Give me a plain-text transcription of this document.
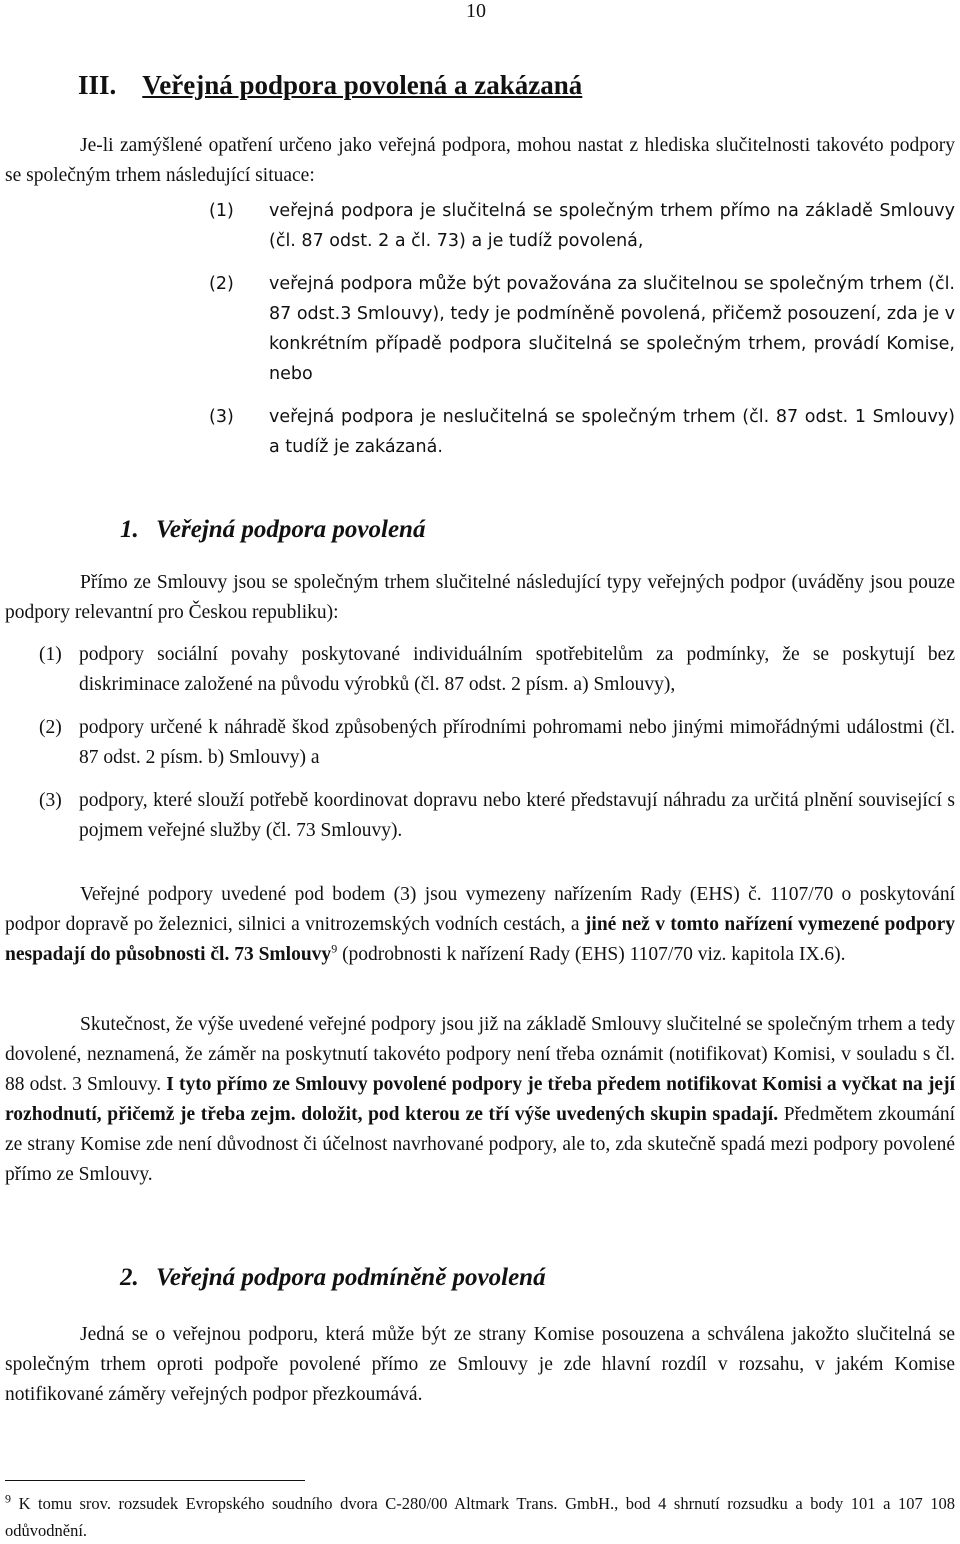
10
III. Veřejná podpora povolená a zakázaná
Je-li zamýšlené opatření určeno jako veřejná podpora, mohou nastat z hlediska slučitelnosti takovéto podpory se společným trhem následující situace:
(1) veřejná podpora je slučitelná se společným trhem přímo na základě Smlouvy (čl. 87 odst. 2 a čl. 73) a je tudíž povolená,
(2) veřejná podpora může být považována za slučitelnou se společným trhem (čl. 87 odst.3 Smlouvy), tedy je podmíněně povolená, přičemž posouzení, zda je v konkrétním případě podpora slučitelná se společným trhem, provádí Komise, nebo
(3) veřejná podpora je neslučitelná se společným trhem (čl. 87 odst. 1 Smlouvy) a tudíž je zakázaná.
1. Veřejná podpora povolená
Přímo ze Smlouvy jsou se společným trhem slučitelné následující typy veřejných podpor (uváděny jsou pouze podpory relevantní pro Českou republiku):
(1) podpory sociální povahy poskytované individuálním spotřebitelům za podmínky, že se poskytují bez diskriminace založené na původu výrobků (čl. 87 odst. 2 písm. a) Smlouvy),
(2) podpory určené k náhradě škod způsobených přírodními pohromami nebo jinými mimořádnými událostmi (čl. 87 odst. 2 písm. b) Smlouvy) a
(3) podpory, které slouží potřebě koordinovat dopravu nebo které představují náhradu za určitá plnění související s pojmem veřejné služby (čl. 73 Smlouvy).
Veřejné podpory uvedené pod bodem (3) jsou vymezeny nařízením Rady (EHS) č. 1107/70 o poskytování podpor dopravě po železnici, silnici a vnitrozemských vodních cestách, a jiné než v tomto nařízení vymezené podpory nespadají do působnosti čl. 73 Smlouvy$^9$ (podrobnosti k nařízení Rady (EHS) 1107/70 viz. kapitola IX.6).
Skutečnost, že výše uvedené veřejné podpory jsou již na základě Smlouvy slučitelné se společným trhem a tedy dovolené, neznamená, že záměr na poskytnutí takovéto podpory není třeba oznámit (notifikovat) Komisi, v souladu s čl. 88 odst. 3 Smlouvy. I tyto přímo ze Smlouvy povolené podpory je třeba předem notifikovat Komisi a vyčkat na její rozhodnutí, přičemž je třeba zejm. doložit, pod kterou ze tří výše uvedených skupin spadají. Předmětem zkoumání ze strany Komise zde není důvodnost či účelnost navrhované podpory, ale to, zda skutečně spadá mezi podpory povolené přímo ze Smlouvy.
2. Veřejná podpora podmíněně povolená
Jedná se o veřejnou podporu, která může být ze strany Komise posouzena a schválena jakožto slučitelná se společným trhem oproti podpoře povolené přímo ze Smlouvy je zde hlavní rozdíl v rozsahu, v jakém Komise notifikované záměry veřejných podpor přezkoumává.
$^9$ K tomu srov. rozsudek Evropského soudního dvora C-280/00 Altmark Trans. GmbH., bod 4 shrnutí rozsudku a body 101 a 107 108 odůvodnění.
